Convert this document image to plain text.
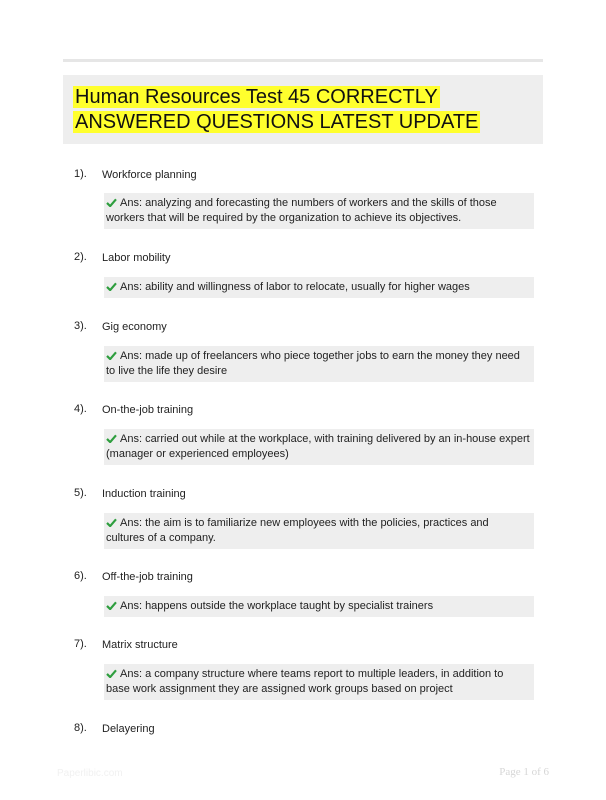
Human Resources Test 45 CORRECTLY ANSWERED QUESTIONS LATEST UPDATE
1). Workforce planning
Ans: analyzing and forecasting the numbers of workers and the skills of those workers that will be required by the organization to achieve its objectives.
2). Labor mobility
Ans: ability and willingness of labor to relocate, usually for higher wages
3). Gig economy
Ans: made up of freelancers who piece together jobs to earn the money they need to live the life they desire
4). On-the-job training
Ans: carried out while at the workplace, with training delivered by an in-house expert (manager or experienced employees)
5). Induction training
Ans: the aim is to familiarize new employees with the policies, practices and cultures of a company.
6). Off-the-job training
Ans: happens outside the workplace taught by specialist trainers
7). Matrix structure
Ans: a company structure where teams report to multiple leaders, in addition to base work assignment they are assigned work groups based on project
8). Delayering
Paperlibic.com	Page 1 of 6
